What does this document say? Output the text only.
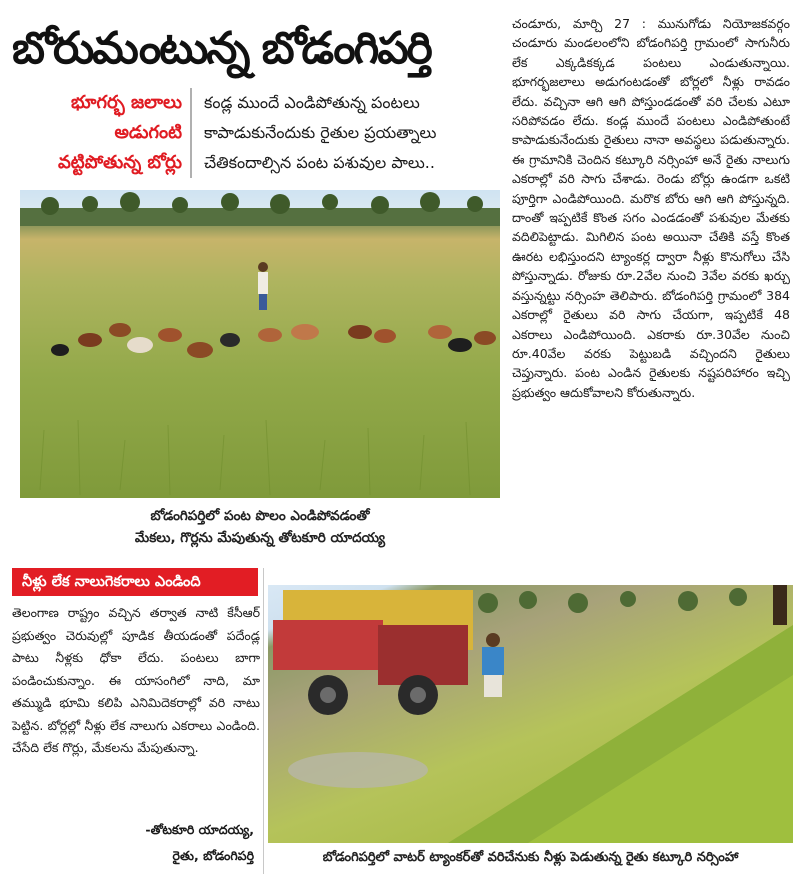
బోరుమంటున్న బోడంగిపర్తి
భూగర్భ జలాలు
అడుగంటి
వట్టిపోతున్న బోర్లు
కండ్ల ముందే ఎండిపోతున్న పంటలు
కాపాడుకునేందుకు రైతుల ప్రయత్నాలు
చేతికందాల్సిన పంట పశువుల పాలు..
చండూరు, మార్చి 27 : మునుగోడు నియోజకవర్గం చండూరు మండలంలోని బోడంగిపర్తి గ్రామంలో సాగునీరు లేక ఎక్కడికక్కడ పంటలు ఎండుతున్నాయి. భూగర్భజలాలు అడుగంటడంతో బోర్లలో నీళ్లు రావడం లేదు. వచ్చినా ఆగి ఆగి పోస్తుండడంతో వరి చేలకు ఎటూ సరిపోవడం లేదు. కండ్ల ముందే పంటలు ఎండిపోతుంటే కాపాడుకునేందుకు రైతులు నానా అవస్థలు పడుతున్నారు. ఈ గ్రామానికి చెందిన కట్కూరి నర్సింహా అనే రైతు నాలుగు ఎకరాల్లో వరి సాగు చేశాడు. రెండు బోర్లు ఉండగా ఒకటి పూర్తిగా ఎండిపోయింది. మరొక బోరు ఆగి ఆగి పోస్తున్నది. దాంతో ఇప్పటికే కొంత సగం ఎండడంతో పశువుల మేతకు వదిలిపెట్టాడు. మిగిలిన పంట అయినా చేతికి వస్తే కొంత ఊరట లభిస్తుందని ట్యాంకర్ల ద్వారా నీళ్లు కొనుగోలు చేసి పోస్తున్నాడు. రోజుకు రూ.2వేల నుంచి 3వేల వరకు ఖర్చు వస్తున్నట్టు నర్సింహ తెలిపారు. బోడంగిపర్తి గ్రామంలో 384 ఎకరాల్లో రైతులు వరి సాగు చేయగా, ఇప్పటికే 48 ఎకరాలు ఎండిపోయింది. ఎకరాకు రూ.30వేల నుంచి రూ.40వేల వరకు పెట్టుబడి వచ్చిందని రైతులు చెప్తున్నారు. పంట ఎండిన రైతులకు నష్టపరిహారం ఇచ్చి ప్రభుత్వం ఆదుకోవాలని కోరుతున్నారు.
బోడంగిపర్తిలో పంట పొలం ఎండిపోవడంతో
మేకలు, గొర్లను మేపుతున్న తోటకూరి యాదయ్య
నీళ్లు లేక నాలుగెకరాలు ఎండింది
తెలంగాణ రాష్ట్రం వచ్చిన తర్వాత నాటి కేసీఆర్ ప్రభుత్వం చెరువుల్లో పూడిక తీయడంతో పదేండ్ల పాటు నీళ్లకు ధోకా లేదు. పంటలు బాగా పండించుకున్నాం. ఈ యాసంగిలో నాది, మా తమ్ముడి భూమి కలిపి ఎనిమిదెకరాల్లో వరి నాటు పెట్టిన. బోర్లల్లో నీళ్లు లేక నాలుగు ఎకరాలు ఎండింది. చేసేది లేక గొర్లు, మేకలను మేపుతున్నా.
-తోటకూరి యాదయ్య,
రైతు, బోడంగిపర్తి	బోడంగిపర్తిలో వాటర్ ట్యాంకర్‌తో వరిచేనుకు నీళ్లు పెడుతున్న రైతు కట్కూరి నర్సింహా
